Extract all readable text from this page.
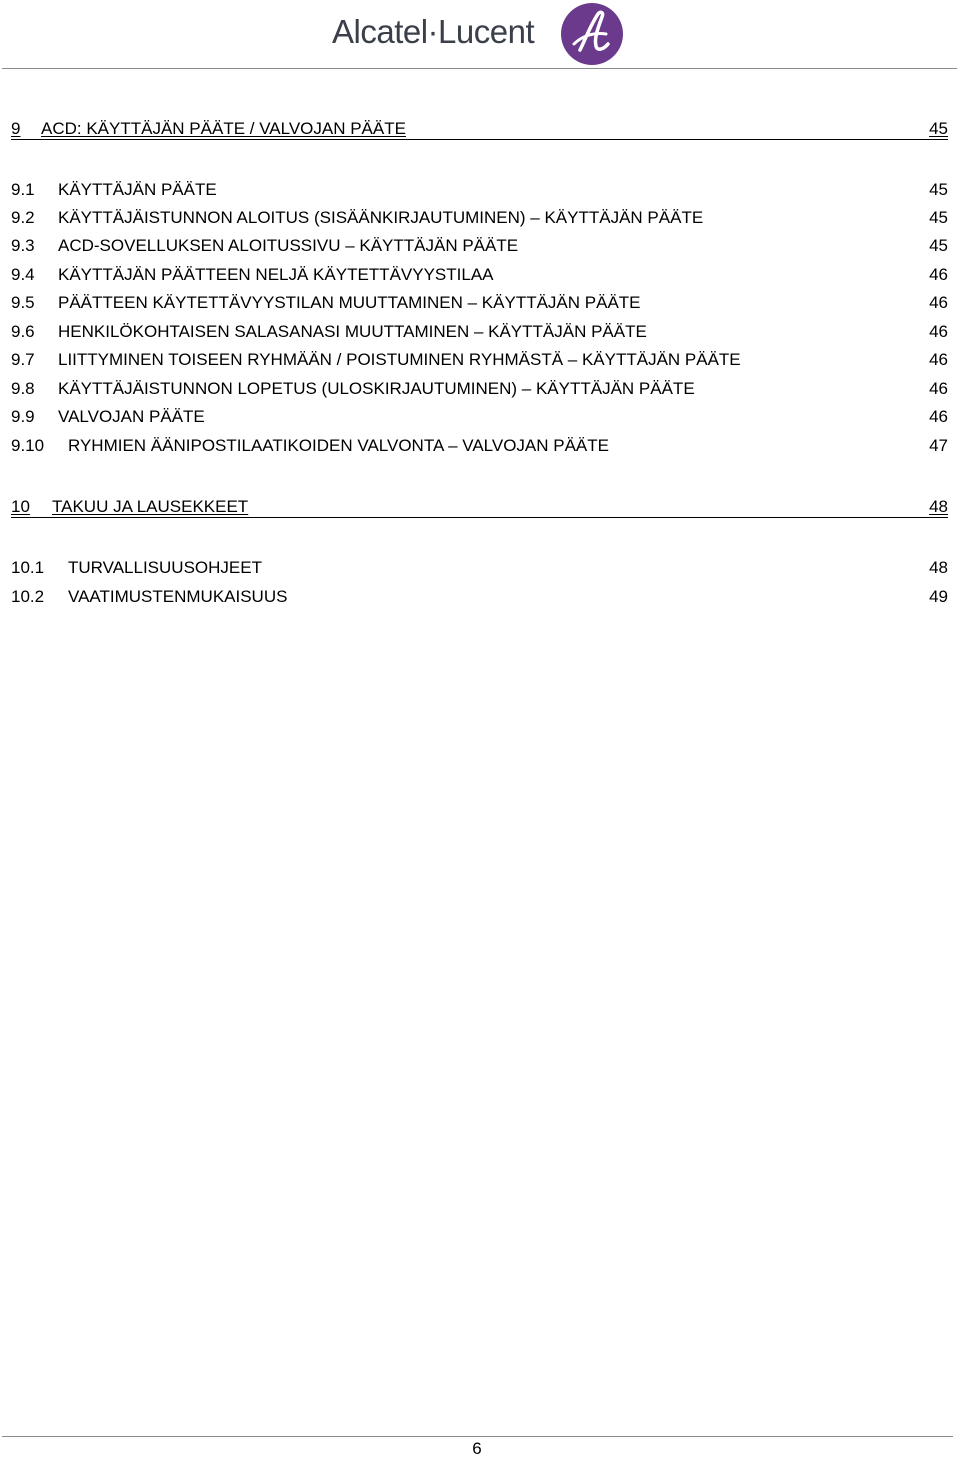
Alcatel·Lucent
9 ACD: KÄYTTÄJÄN PÄÄTE / VALVOJAN PÄÄTE	45
9.1 KÄYTTÄJÄN PÄÄTE	45
9.2 KÄYTTÄJÄISTUNNON ALOITUS (SISÄÄNKIRJAUTUMINEN) – KÄYTTÄJÄN PÄÄTE	45
9.3 ACD-SOVELLUKSEN ALOITUSSIVU – KÄYTTÄJÄN PÄÄTE	45
9.4 KÄYTTÄJÄN PÄÄTTEEN NELJÄ KÄYTETTÄVYYSTILAA	46
9.5 PÄÄTTEEN KÄYTETTÄVYYSTILAN MUUTTAMINEN – KÄYTTÄJÄN PÄÄTE	46
9.6 HENKILÖKOHTAISEN SALASANASI MUUTTAMINEN – KÄYTTÄJÄN PÄÄTE	46
9.7 LIITTYMINEN TOISEEN RYHMÄÄN / POISTUMINEN RYHMÄSTÄ – KÄYTTÄJÄN PÄÄTE	46
9.8 KÄYTTÄJÄISTUNNON LOPETUS (ULOSKIRJAUTUMINEN) – KÄYTTÄJÄN PÄÄTE	46
9.9 VALVOJAN PÄÄTE	46
9.10 RYHMIEN ÄÄNIPOSTILAATIKOIDEN VALVONTA – VALVOJAN PÄÄTE	47
10 TAKUU JA LAUSEKKEET	48
10.1 TURVALLISUUSOHJEET	48
10.2 VAATIMUSTENMUKAISUUS	49
6
